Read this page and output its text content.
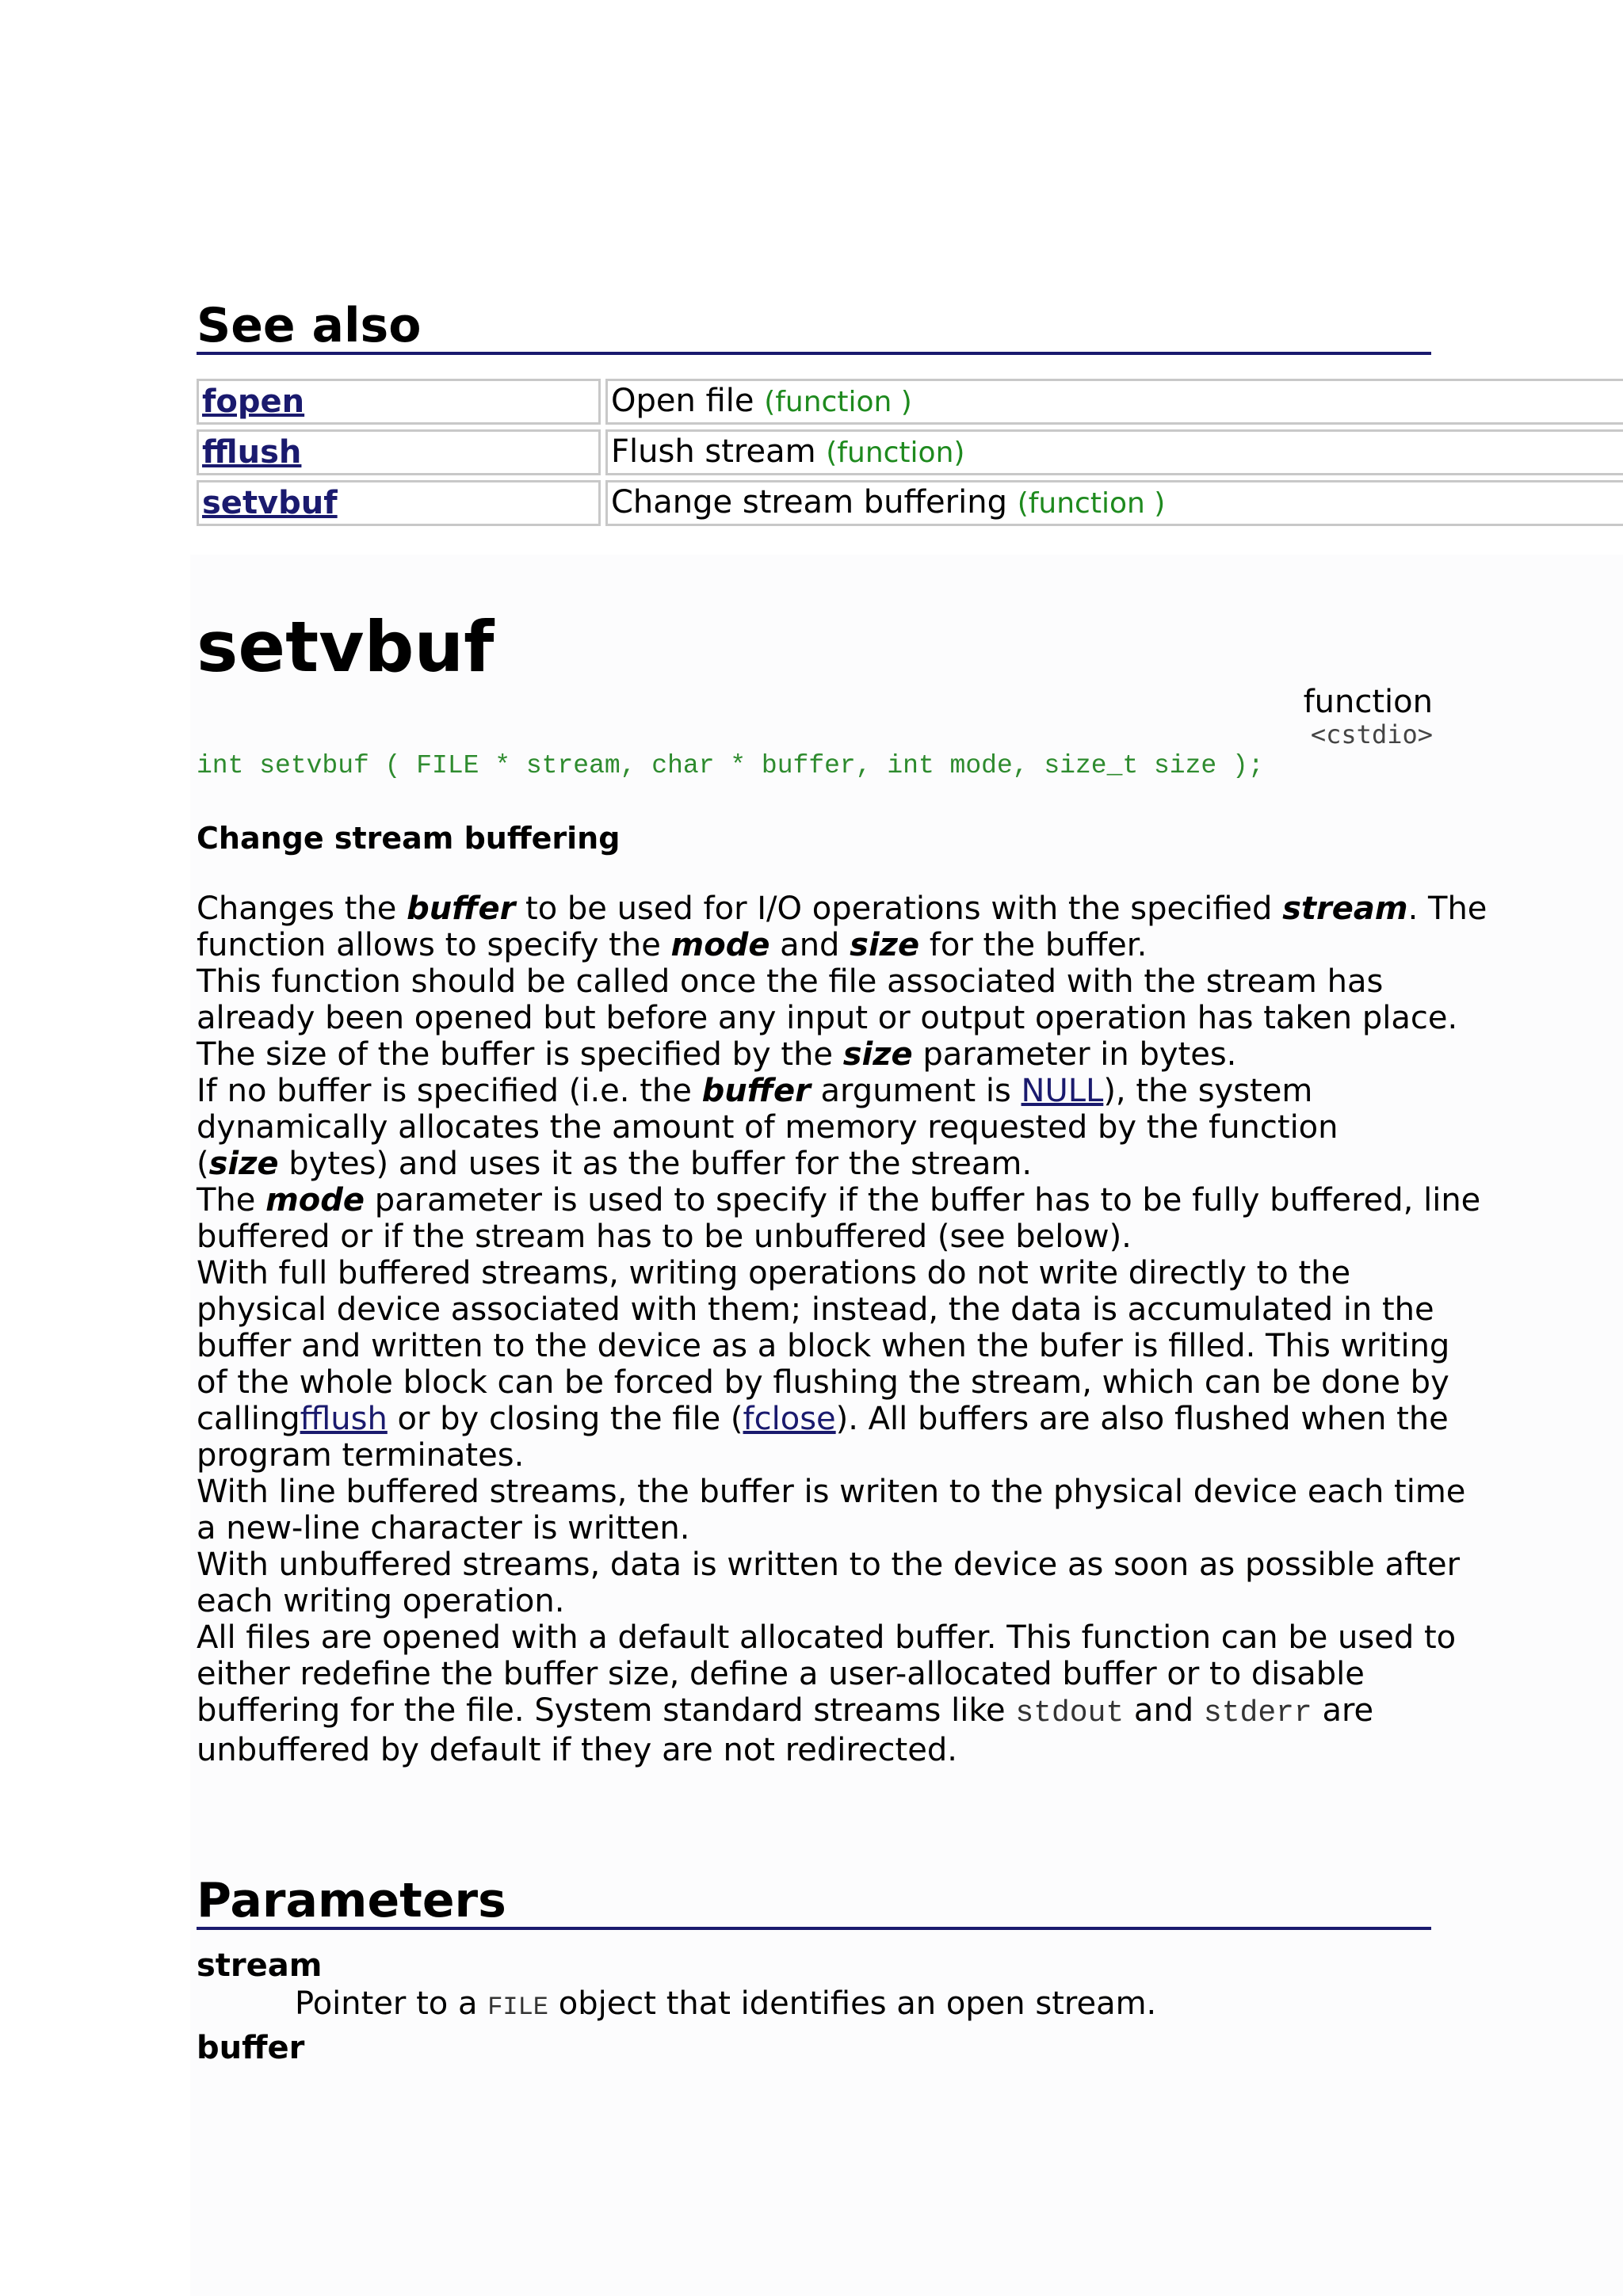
See also
fopen	Open file (function )
fflush	Flush stream (function)
setvbuf	Change stream buffering (function )
setvbuf
function
<cstdio>
int setvbuf ( FILE * stream, char * buffer, int mode, size_t size );
Change stream buffering

Changes the buffer to be used for I/O operations with the specified stream. The

function allows to specify the mode and size for the buffer.

This function should be called once the file associated with the stream has

already been opened but before any input or output operation has taken place.

The size of the buffer is specified by the size parameter in bytes.

If no buffer is specified (i.e. the buffer argument is NULL), the system

dynamically allocates the amount of memory requested by the function

(size bytes) and uses it as the buffer for the stream.

The mode parameter is used to specify if the buffer has to be fully buffered, line

buffered or if the stream has to be unbuffered (see below).

With full buffered streams, writing operations do not write directly to the

physical device associated with them; instead, the data is accumulated in the

buffer and written to the device as a block when the bufer is filled. This writing

of the whole block can be forced by flushing the stream, which can be done by

callingfflush or by closing the file (fclose). All buffers are also flushed when the

program terminates.

With line buffered streams, the buffer is writen to the physical device each time

a new-line character is written.

With unbuffered streams, data is written to the device as soon as possible after

each writing operation.

All files are opened with a default allocated buffer. This function can be used to

either redefine the buffer size, define a user-allocated buffer or to disable

buffering for the file. System standard streams like stdout and stderr are

unbuffered by default if they are not redirected.

Parameters
stream
Pointer to a FILE object that identifies an open stream.
buffer
